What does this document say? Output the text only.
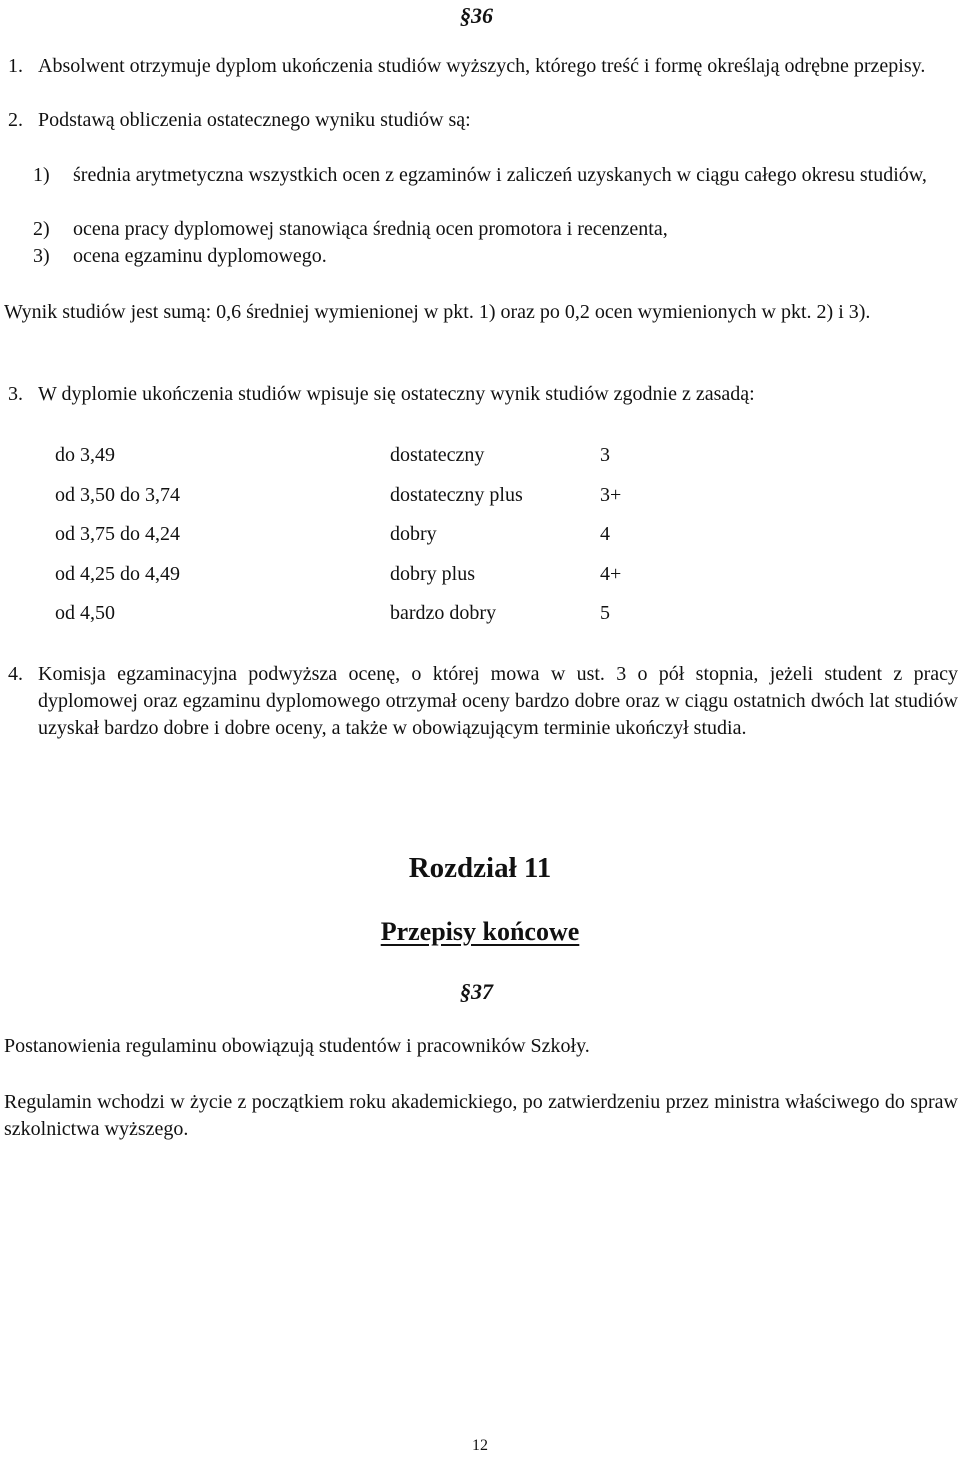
§36
1. Absolwent otrzymuje dyplom ukończenia studiów wyższych, którego treść i formę określają odrębne przepisy.
2. Podstawą obliczenia ostatecznego wyniku studiów są:
1) średnia arytmetyczna wszystkich ocen z egzaminów i zaliczeń uzyskanych w ciągu całego okresu studiów,
2) ocena pracy dyplomowej stanowiąca średnią ocen promotora i recenzenta,
3) ocena egzaminu dyplomowego.
Wynik studiów jest sumą: 0,6 średniej wymienionej w pkt. 1) oraz po 0,2 ocen wymienionych w pkt. 2) i 3).
3. W dyplomie ukończenia studiów wpisuje się ostateczny wynik studiów zgodnie z zasadą:
do 3,49	dostateczny	3
od 3,50 do 3,74	dostateczny plus	3+
od 3,75 do 4,24	dobry	4
od 4,25 do 4,49	dobry plus	4+
od 4,50	bardzo dobry	5
4. Komisja egzaminacyjna podwyższa ocenę, o której mowa w ust. 3 o pół stopnia, jeżeli student z pracy dyplomowej oraz egzaminu dyplomowego otrzymał oceny bardzo dobre oraz w ciągu ostatnich dwóch lat studiów uzyskał bardzo dobre i dobre oceny, a także w obowiązującym terminie ukończył studia.
Rozdział 11
Przepisy końcowe
§37
Postanowienia regulaminu obowiązują studentów i pracowników Szkoły.
Regulamin wchodzi w życie z początkiem roku akademickiego, po zatwierdzeniu przez ministra właściwego do spraw szkolnictwa wyższego.
12
